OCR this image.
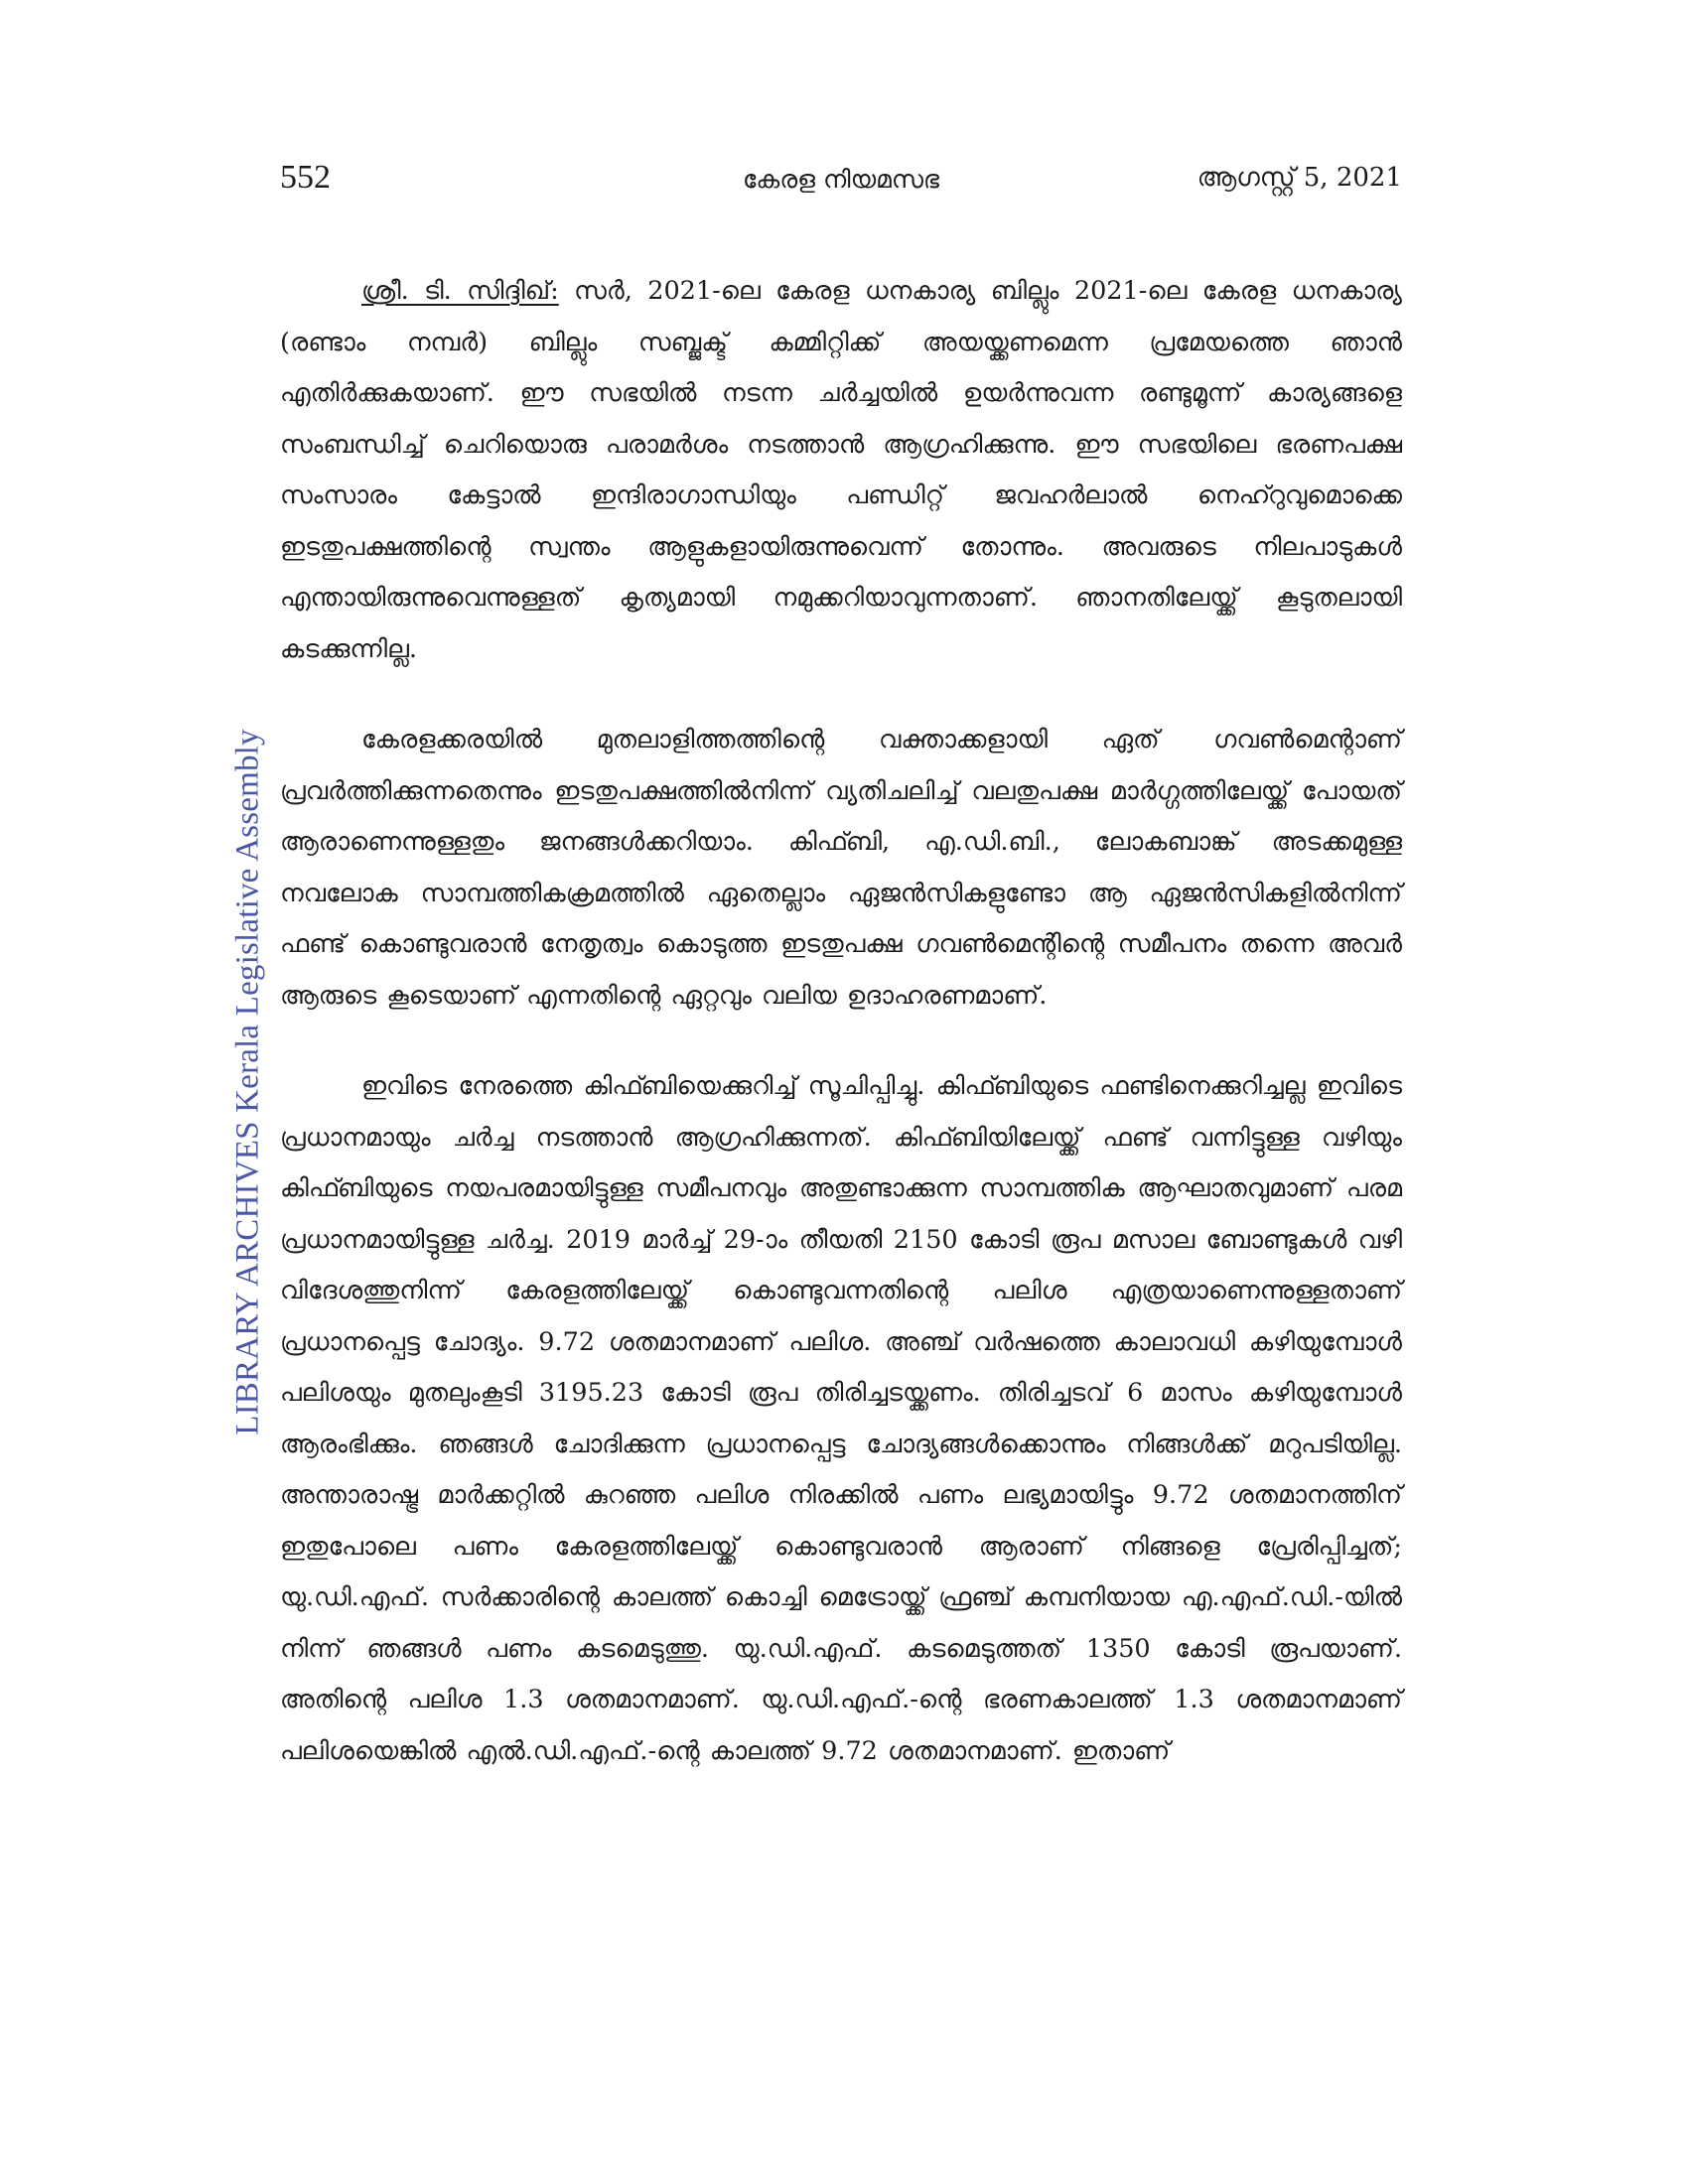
552	കേരള നിയമസഭ	ആഗസ്റ്റ് 5, 2021
LIBRARY ARCHIVES Kerala Legislative Assembly

ശ്രീ. ടി. സിദ്ദിഖ്: സർ, 2021-ലെ കേരള ധനകാര്യ ബില്ലും 2021-ലെ കേരള ധനകാര്യ (രണ്ടാം നമ്പർ) ബില്ലും സബ്ജക്ട് കമ്മിറ്റിക്ക് അയയ്ക്കണമെന്ന പ്രമേയത്തെ ഞാൻ എതിർക്കുകയാണ്. ഈ സഭയിൽ നടന്ന ചർച്ചയിൽ ഉയർന്നുവന്ന രണ്ടുമൂന്ന് കാര്യങ്ങളെ സംബന്ധിച്ച് ചെറിയൊരു പരാമർശം നടത്താൻ ആഗ്രഹിക്കുന്നു. ഈ സഭയിലെ ഭരണപക്ഷ സംസാരം കേട്ടാൽ ഇന്ദിരാഗാന്ധിയും പണ്ഡിറ്റ് ജവഹർലാൽ നെഹ്റുവുമൊക്കെ ഇടതുപക്ഷത്തിന്റെ സ്വന്തം ആളുകളായിരുന്നുവെന്ന് തോന്നും. അവരുടെ നിലപാടുകൾ എന്തായിരുന്നുവെന്നുള്ളത് കൃത്യമായി നമുക്കറിയാവുന്നതാണ്. ഞാനതിലേയ്ക്ക് കൂടുതലായി കടക്കുന്നില്ല.

കേരളക്കരയിൽ മുതലാളിത്തത്തിന്റെ വക്താക്കളായി ഏത് ഗവൺമെന്റാണ് പ്രവർത്തിക്കുന്നതെന്നും ഇടതുപക്ഷത്തിൽനിന്ന് വ്യതിചലിച്ച് വലതുപക്ഷ മാർഗ്ഗത്തിലേയ്ക്ക് പോയത് ആരാണെന്നുള്ളതും ജനങ്ങൾക്കറിയാം. കിഫ്ബി, എ.ഡി.ബി., ലോകബാങ്ക് അടക്കമുള്ള നവലോക സാമ്പത്തികക്രമത്തിൽ ഏതെല്ലാം ഏജൻസികളുണ്ടോ ആ ഏജൻസികളിൽനിന്ന് ഫണ്ട് കൊണ്ടുവരാൻ നേതൃത്വം കൊടുത്ത ഇടതുപക്ഷ ഗവൺമെന്റിന്റെ സമീപനം തന്നെ അവർ ആരുടെ കൂടെയാണ് എന്നതിന്റെ ഏറ്റവും വലിയ ഉദാഹരണമാണ്.

ഇവിടെ നേരത്തെ കിഫ്ബിയെക്കുറിച്ച് സൂചിപ്പിച്ചു. കിഫ്ബിയുടെ ഫണ്ടിനെക്കുറിച്ചല്ല ഇവിടെ പ്രധാനമായും ചർച്ച നടത്താൻ ആഗ്രഹിക്കുന്നത്. കിഫ്ബിയിലേയ്ക്ക് ഫണ്ട് വന്നിട്ടുള്ള വഴിയും കിഫ്ബിയുടെ നയപരമായിട്ടുള്ള സമീപനവും അതുണ്ടാക്കുന്ന സാമ്പത്തിക ആഘാതവുമാണ് പരമ പ്രധാനമായിട്ടുള്ള ചർച്ച. 2019 മാർച്ച് 29-ാം തീയതി 2150 കോടി രൂപ മസാല ബോണ്ടുകൾ വഴി വിദേശത്തുനിന്ന് കേരളത്തിലേയ്ക്ക് കൊണ്ടുവന്നതിന്റെ പലിശ എത്രയാണെന്നുള്ളതാണ് പ്രധാനപ്പെട്ട ചോദ്യം. 9.72 ശതമാനമാണ് പലിശ. അഞ്ച് വർഷത്തെ കാലാവധി കഴിയുമ്പോൾ പലിശയും മുതലുംകൂടി 3195.23 കോടി രൂപ തിരിച്ചടയ്ക്കണം. തിരിച്ചടവ് 6 മാസം കഴിയുമ്പോൾ ആരംഭിക്കും. ഞങ്ങൾ ചോദിക്കുന്ന പ്രധാനപ്പെട്ട ചോദ്യങ്ങൾക്കൊന്നും നിങ്ങൾക്ക് മറുപടിയില്ല. അന്താരാഷ്ട്ര മാർക്കറ്റിൽ കുറഞ്ഞ പലിശ നിരക്കിൽ പണം ലഭ്യമായിട്ടും 9.72 ശതമാനത്തിന് ഇതുപോലെ പണം കേരളത്തിലേയ്ക്ക് കൊണ്ടുവരാൻ ആരാണ് നിങ്ങളെ പ്രേരിപ്പിച്ചത്; യു.ഡി.എഫ്. സർക്കാരിന്റെ കാലത്ത് കൊച്ചി മെട്രോയ്ക്ക് ഫ്രഞ്ച് കമ്പനിയായ എ.എഫ്.ഡി.-യിൽ നിന്ന് ഞങ്ങൾ പണം കടമെടുത്തു. യു.ഡി.എഫ്. കടമെടുത്തത് 1350 കോടി രൂപയാണ്. അതിന്റെ പലിശ 1.3 ശതമാനമാണ്. യു.ഡി.എഫ്.-ന്റെ ഭരണകാലത്ത് 1.3 ശതമാനമാണ് പലിശയെങ്കിൽ എൽ.ഡി.എഫ്.-ന്റെ കാലത്ത് 9.72 ശതമാനമാണ്. ഇതാണ്
